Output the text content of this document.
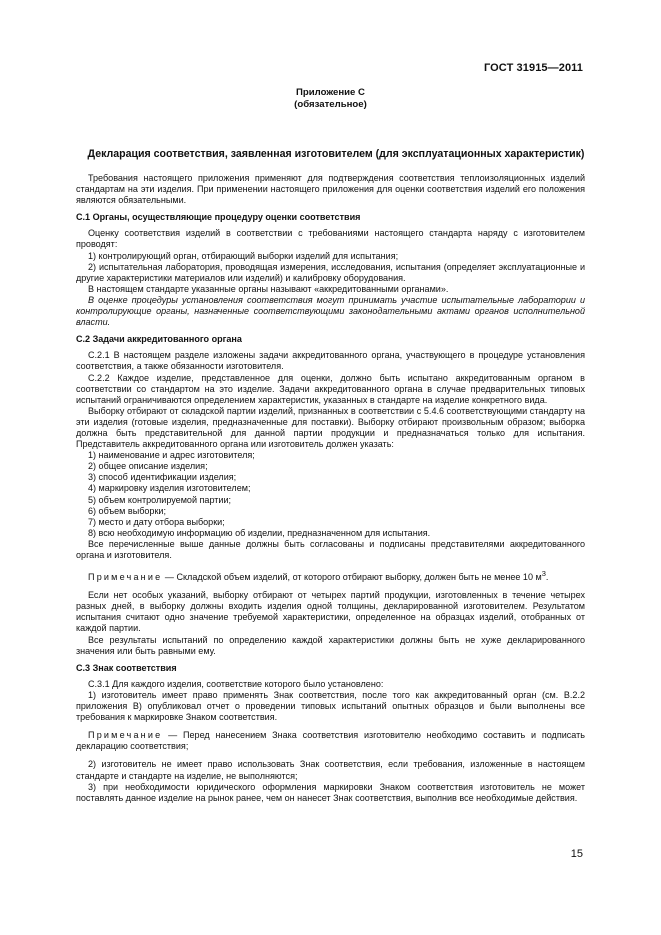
ГОСТ 31915—2011
Приложение С
(обязательное)
Декларация соответствия, заявленная изготовителем (для эксплуатационных характеристик)

Требования настоящего приложения применяют для подтверждения соответствия теплоизоляционных изделий стандартам на эти изделия. При применении настоящего приложения для оценки соответствия изделий его положения являются обязательными.

С.1 Органы, осуществляющие процедуру оценки соответствия

Оценку соответствия изделий в соответствии с требованиями настоящего стандарта наряду с изготовителем проводят:

1) контролирующий орган, отбирающий выборки изделий для испытания;

2) испытательная лаборатория, проводящая измерения, исследования, испытания (определяет эксплуатационные и другие характеристики материалов или изделий) и калибровку оборудования.

В настоящем стандарте указанные органы называют «аккредитованными органами».

В оценке процедуры установления соответствия могут принимать участие испытательные лаборатории и контролирующие органы, назначенные соответствующими законодательными актами органов исполнительной власти.

С.2 Задачи аккредитованного органа

С.2.1 В настоящем разделе изложены задачи аккредитованного органа, участвующего в процедуре установления соответствия, а также обязанности изготовителя.

С.2.2 Каждое изделие, представленное для оценки, должно быть испытано аккредитованным органом в соответствии со стандартом на это изделие. Задачи аккредитованного органа в случае предварительных типовых испытаний ограничиваются определением характеристик, указанных в стандарте на изделие конкретного вида.

Выборку отбирают от складской партии изделий, признанных в соответствии с 5.4.6 соответствующими стандарту на эти изделия (готовые изделия, предназначенные для поставки). Выборку отбирают произвольным образом; выборка должна быть представительной для данной партии продукции и предназначаться только для испытания. Представитель аккредитованного органа или изготовитель должен указать:

1) наименование и адрес изготовителя;

2) общее описание изделия;

3) способ идентификации изделия;

4) маркировку изделия изготовителем;

5) объем контролируемой партии;

6) объем выборки;

7) место и дату отбора выборки;

8) всю необходимую информацию об изделии, предназначенном для испытания.

Все перечисленные выше данные должны быть согласованы и подписаны представителями аккредитованного органа и изготовителя.

Примечание — Складской объем изделий, от которого отбирают выборку, должен быть не менее 10 $м^3$.

Если нет особых указаний, выборку отбирают от четырех партий продукции, изготовленных в течение четырех разных дней, в выборку должны входить изделия одной толщины, декларированной изготовителем. Результатом испытания считают одно значение требуемой характеристики, определенное на образцах изделий, отобранных от каждой партии.

Все результаты испытаний по определению каждой характеристики должны быть не хуже декларированного значения или быть равными ему.

С.3 Знак соответствия

С.3.1 Для каждого изделия, соответствие которого было установлено:

1) изготовитель имеет право применять Знак соответствия, после того как аккредитованный орган (см. В.2.2 приложения В) опубликовал отчет о проведении типовых испытаний опытных образцов и были выполнены все требования к маркировке Знаком соответствия.

Примечание — Перед нанесением Знака соответствия изготовителю необходимо составить и подписать декларацию соответствия;

2) изготовитель не имеет право использовать Знак соответствия, если требования, изложенные в настоящем стандарте и стандарте на изделие, не выполняются;

3) при необходимости юридического оформления маркировки Знаком соответствия изготовитель не может поставлять данное изделие на рынок ранее, чем он нанесет Знак соответствия, выполнив все необходимые действия.

15
